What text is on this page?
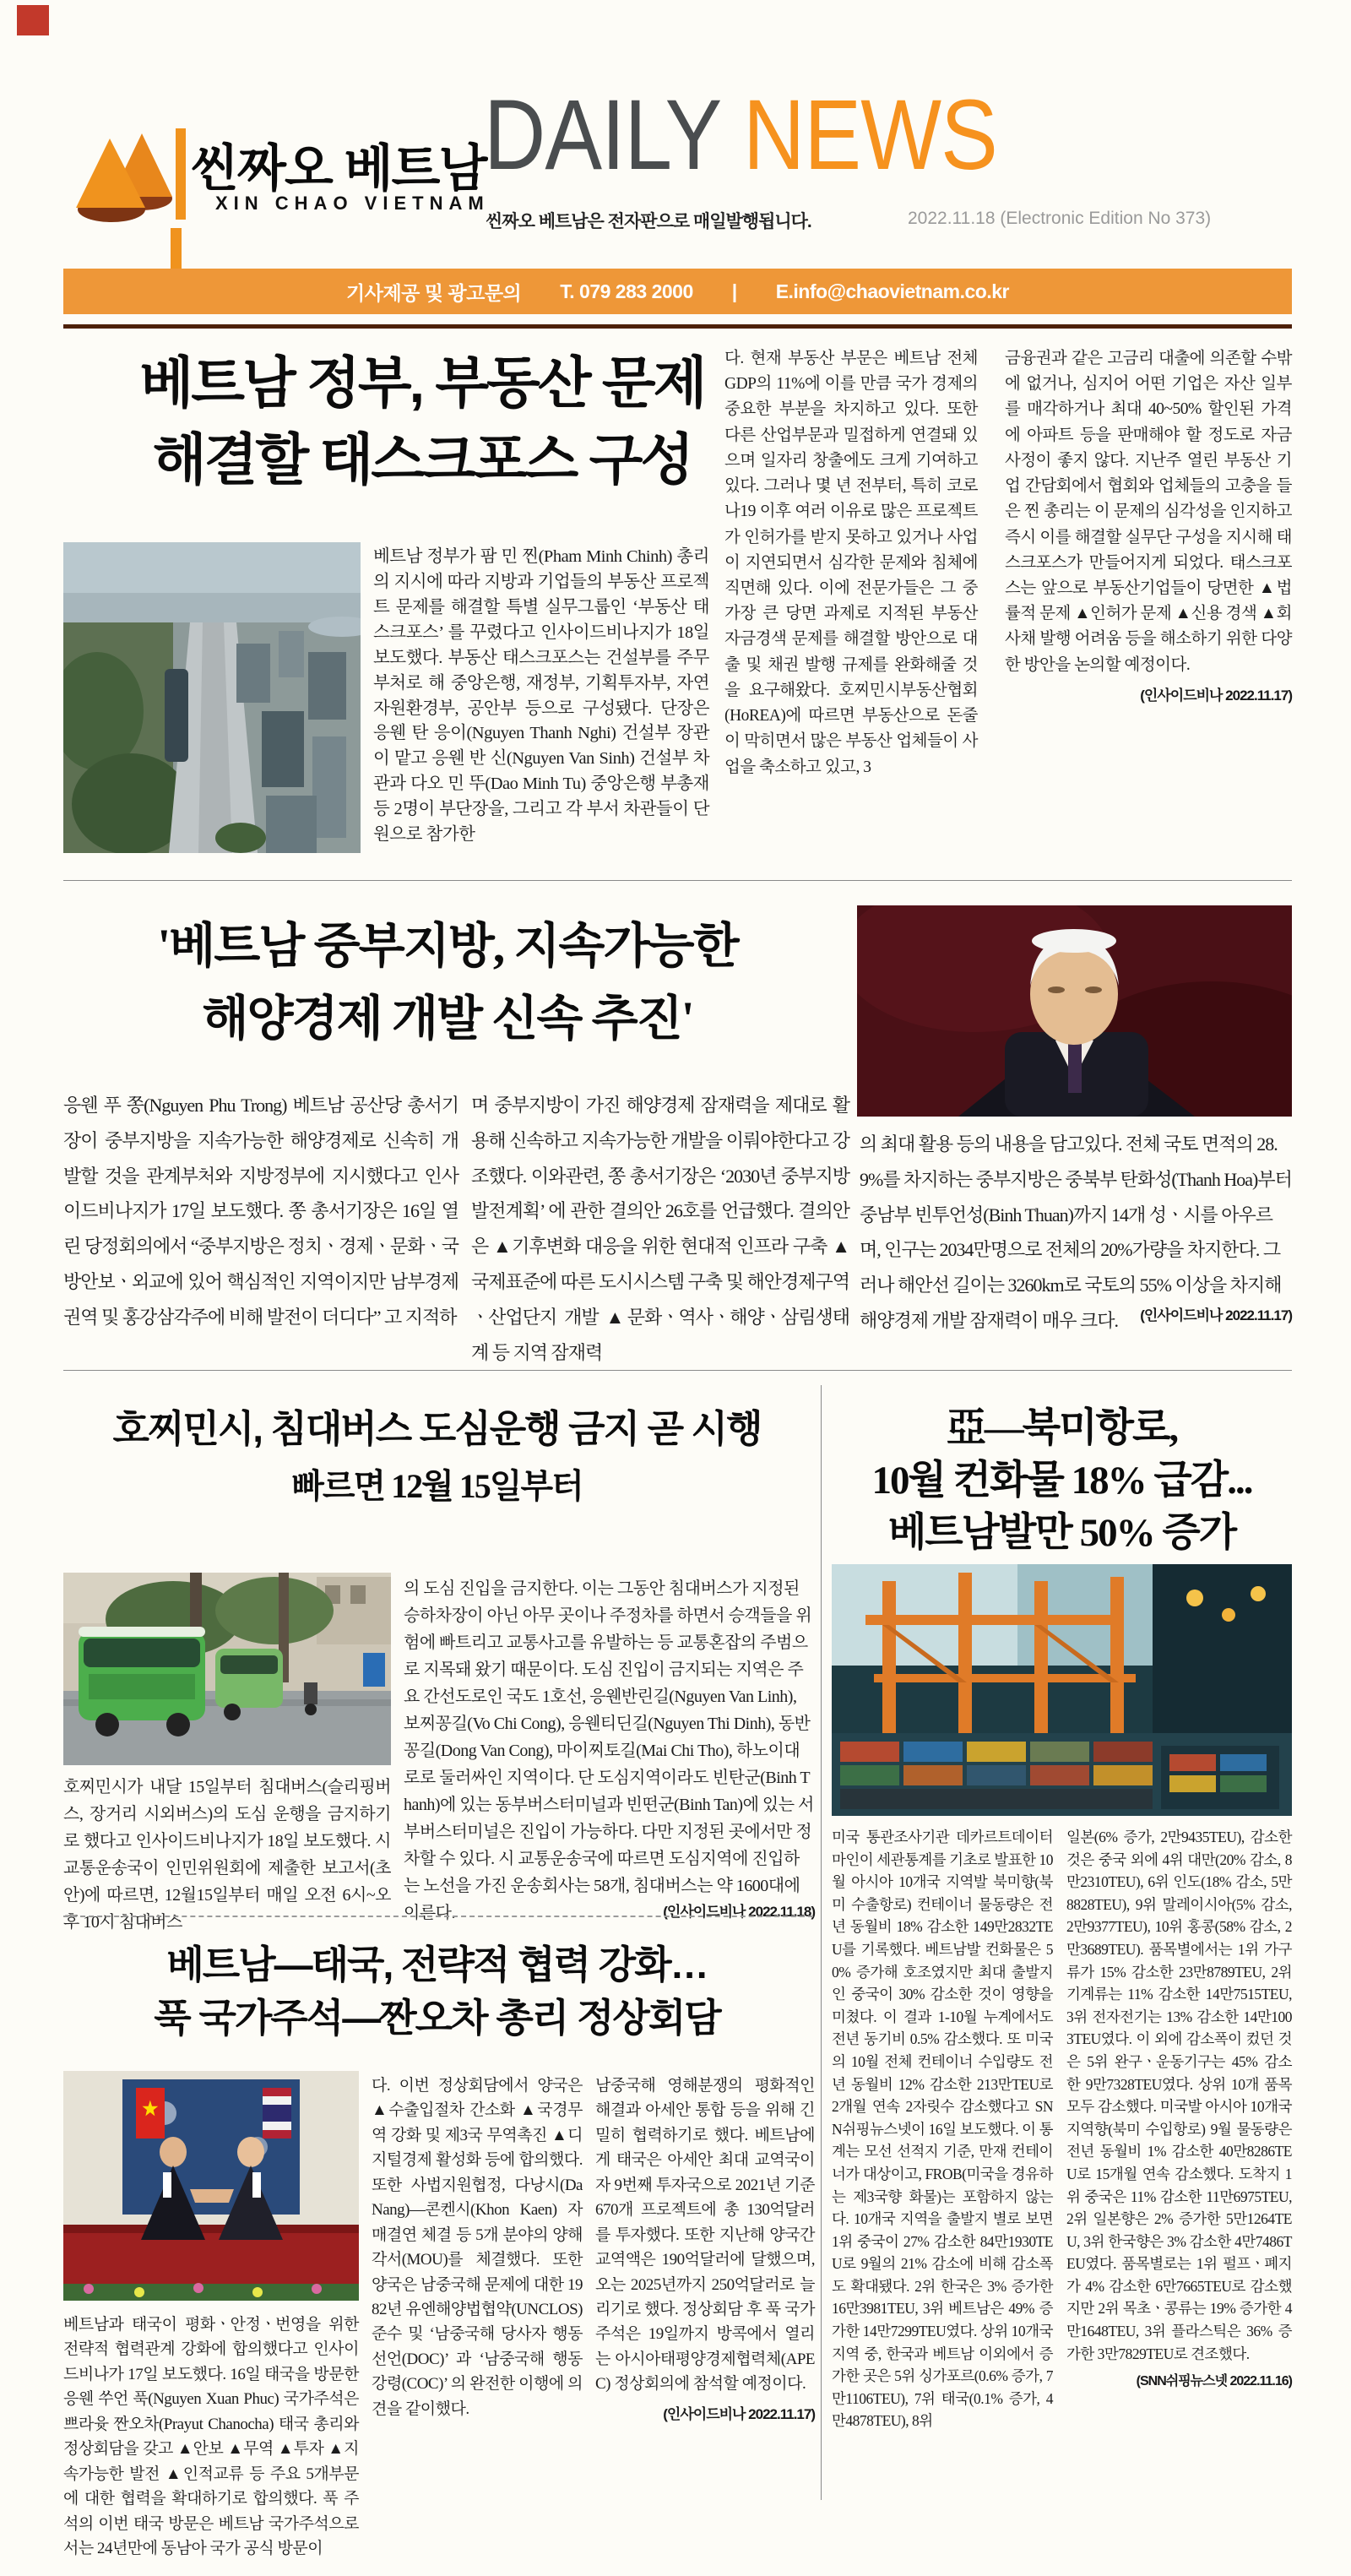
씬짜오 베트남
XIN CHAO VIETNAM
DAILY NEWS
씬짜오 베트남은 전자판으로 매일발행됩니다.	2022.11.18 (Electronic Edition No 373)
기사제공 및 광고문의 T. 079 283 2000 | E.info@chaovietnam.co.kr
베트남 정부, 부동산 문제
해결할 태스크포스 구성
베트남 정부가 팜 민 찐(Pham Minh Chinh) 총리의 지시에 따라 지방과 기업들의 부동산 프로젝트 문제를 해결할 특별 실무그룹인 ‘부동산 태스크포스’ 를 꾸렸다고 인사이드비나지가 18일 보도했다. 부동산 태스크포스는 건설부를 주무부처로 해 중앙은행, 재정부, 기획투자부, 자연자원환경부, 공안부 등으로 구성됐다. 단장은 응웬 탄 응이(Nguyen Thanh Nghi) 건설부 장관이 맡고 응웬 반 신(Nguyen Van Sinh) 건설부 차관과 다오 민 뚜(Dao Minh Tu) 중앙은행 부총재 등 2명이 부단장을, 그리고 각 부서 차관들이 단원으로 참가한
다. 현재 부동산 부문은 베트남 전체 GDP의 11%에 이를 만큼 국가 경제의 중요한 부분을 차지하고 있다. 또한 다른 산업부문과 밀접하게 연결돼 있으며 일자리 창출에도 크게 기여하고 있다. 그러나 몇 년 전부터, 특히 코로나19 이후 여러 이유로 많은 프로젝트가 인허가를 받지 못하고 있거나 사업이 지연되면서 심각한 문제와 침체에 직면해 있다. 이에 전문가들은 그 중 가장 큰 당면 과제로 지적된 부동산 자금경색 문제를 해결할 방안으로 대출 및 채권 발행 규제를 완화해줄 것을 요구해왔다. 호찌민시부동산협회(HoREA)에 따르면 부동산으로 돈줄이 막히면서 많은 부동산 업체들이 사업을 축소하고 있고, 3
금융권과 같은 고금리 대출에 의존할 수밖에 없거나, 심지어 어떤 기업은 자산 일부를 매각하거나 최대 40~50% 할인된 가격에 아파트 등을 판매해야 할 정도로 자금 사정이 좋지 않다. 지난주 열린 부동산 기업 간담회에서 협회와 업체들의 고충을 들은 찐 총리는 이 문제의 심각성을 인지하고 즉시 이를 해결할 실무단 구성을 지시해 태스크포스가 만들어지게 되었다. 태스크포스는 앞으로 부동산기업들이 당면한 ▲법률적 문제 ▲인허가 문제 ▲신용 경색 ▲회사채 발행 어려움 등을 해소하기 위한 다양한 방안을 논의할 예정이다.
(인사이드비나 2022.11.17)
'베트남 중부지방, 지속가능한
해양경제 개발 신속 추진'
응웬 푸 쫑(Nguyen Phu Trong) 베트남 공산당 총서기장이 중부지방을 지속가능한 해양경제로 신속히 개발할 것을 관계부처와 지방정부에 지시했다고 인사이드비나지가 17일 보도했다. 쫑 총서기장은 16일 열린 당정회의에서 “중부지방은 정치ㆍ경제ㆍ문화ㆍ국방안보ㆍ외교에 있어 핵심적인 지역이지만 남부경제권역 및 홍강삼각주에 비해 발전이 더디다” 고 지적하
며 중부지방이 가진 해양경제 잠재력을 제대로 활용해 신속하고 지속가능한 개발을 이뤄야한다고 강조했다. 이와관련, 쫑 총서기장은 ‘2030년 중부지방 발전계획’ 에 관한 결의안 26호를 언급했다. 결의안은 ▲기후변화 대응을 위한 현대적 인프라 구축 ▲국제표준에 따른 도시시스템 구축 및 해안경제구역ㆍ산업단지 개발 ▲문화ㆍ역사ㆍ해양ㆍ삼림생태계 등 지역 잠재력
의 최대 활용 등의 내용을 담고있다. 전체 국토 면적의 28.9%를 차지하는 중부지방은 중북부 탄화성(Thanh Hoa)부터 중남부 빈투언성(Binh Thuan)까지 14개 성ㆍ시를 아우르며, 인구는 2034만명으로 전체의 20%가량을 차지한다. 그러나 해안선 길이는 3260km로 국토의 55% 이상을 차지해 해양경제 개발 잠재력이 매우 크다. (인사이드비나 2022.11.17)
호찌민시, 침대버스 도심운행 금지 곧 시행
빠르면 12월 15일부터
호찌민시가 내달 15일부터 침대버스(슬리핑버스, 장거리 시외버스)의 도심 운행을 금지하기로 했다고 인사이드비나지가 18일 보도했다. 시 교통운송국이 인민위원회에 제출한 보고서(초안)에 따르면, 12월15일부터 매일 오전 6시~오후 10시 침대버스
의 도심 진입을 금지한다. 이는 그동안 침대버스가 지정된 승하차장이 아닌 아무 곳이나 주정차를 하면서 승객들을 위험에 빠트리고 교통사고를 유발하는 등 교통혼잡의 주범으로 지목돼 왔기 때문이다. 도심 진입이 금지되는 지역은 주요 간선도로인 국도 1호선, 응웬반린길(Nguyen Van Linh), 보찌꽁길(Vo Chi Cong), 응웬티딘길(Nguyen Thi Dinh), 동반꽁길(Dong Van Cong), 마이찌토길(Mai Chi Tho), 하노이대로로 둘러싸인 지역이다. 단 도심지역이라도 빈탄군(Binh Thanh)에 있는 동부버스터미널과 빈떤군(Binh Tan)에 있는 서부버스터미널은 진입이 가능하다. 다만 지정된 곳에서만 정차할 수 있다. 시 교통운송국에 따르면 도심지역에 진입하는 노선을 가진 운송회사는 58개, 침대버스는 약 1600대에 이른다.	(인사이드비나 2022.11.18)
亞—북미항로,
10월 컨화물 18% 급감...
베트남발만 50% 증가
미국 통관조사기관 데카르트데이터마인이 세관통계를 기초로 발표한 10월 아시아 10개국 지역발 북미향(북미 수출항로) 컨테이너 물동량은 전년 동월비 18% 감소한 149만2832TEU를 기록했다. 베트남발 컨화물은 50% 증가해 호조였지만 최대 출발지인 중국이 30% 감소한 것이 영향을 미쳤다. 이 결과 1-10월 누계에서도 전년 동기비 0.5% 감소했다. 또 미국의 10월 전체 컨테이너 수입량도 전년 동월비 12% 감소한 213만TEU로 2개월 연속 2자릿수 감소했다고 SNN쉬핑뉴스넷이 16일 보도했다. 이 통계는 모선 선적지 기준, 만재 컨테이너가 대상이고, FROB(미국을 경유하는 제3국향 화물)는 포함하지 않는다. 10개국 지역을 출발지 별로 보면 1위 중국이 27% 감소한 84만1930TEU로 9월의 21% 감소에 비해 감소폭도 확대됐다. 2위 한국은 3% 증가한 16만3981TEU, 3위 베트남은 49% 증가한 14만7299TEU였다. 상위 10개국 지역 중, 한국과 베트남 이외에서 증가한 곳은 5위 싱가포르(0.6% 증가, 7만1106TEU), 7위 태국(0.1% 증가, 4만4878TEU), 8위
일본(6% 증가, 2만9435TEU), 감소한 것은 중국 외에 4위 대만(20% 감소, 8만2310TEU), 6위 인도(18% 감소, 5만8828TEU), 9위 말레이시아(5% 감소, 2만9377TEU), 10위 홍콩(58% 감소, 2만3689TEU). 품목별에서는 1위 가구류가 15% 감소한 23만8789TEU, 2위 기계류는 11% 감소한 14만7515TEU, 3위 전자전기는 13% 감소한 14만1003TEU였다. 이 외에 감소폭이 컸던 것은 5위 완구ㆍ운동기구는 45% 감소한 9만7328TEU였다. 상위 10개 품목 모두 감소했다. 미국발 아시아 10개국 지역향(북미 수입항로) 9월 물동량은 전년 동월비 1% 감소한 40만8286TEU로 15개월 연속 감소했다. 도착지 1위 중국은 11% 감소한 11만6975TEU, 2위 일본향은 2% 증가한 5만1264TEU, 3위 한국향은 3% 감소한 4만7486TEU였다. 품목별로는 1위 펄프ㆍ폐지가 4% 감소한 6만7665TEU로 감소했지만 2위 목초ㆍ콩류는 19% 증가한 4만1648TEU, 3위 플라스틱은 36% 증가한 3만7829TEU로 견조했다.
(SNN쉬핑뉴스넷 2022.11.16)
베트남—태국, 전략적 협력 강화…
푹 국가주석—짠오차 총리 정상회담
베트남과 태국이 평화ㆍ안정ㆍ번영을 위한 전략적 협력관계 강화에 합의했다고 인사이드비나가 17일 보도했다. 16일 태국을 방문한 응웬 쑤언 푹(Nguyen Xuan Phuc) 국가주석은 쁘라윳 짠오차(Prayut Chanocha) 태국 총리와 정상회담을 갖고 ▲안보 ▲무역 ▲투자 ▲지속가능한 발전 ▲인적교류 등 주요 5개부문에 대한 협력을 확대하기로 합의했다. 푹 주석의 이번 태국 방문은 베트남 국가주석으로서는 24년만에 동남아 국가 공식 방문이
다. 이번 정상회담에서 양국은 ▲수출입절차 간소화 ▲국경무역 강화 및 제3국 무역촉진 ▲디지털경제 활성화 등에 합의했다. 또한 사법지원협정, 다낭시(Da Nang)—콘켄시(Khon Kaen) 자매결연 체결 등 5개 분야의 양해각서(MOU)를 체결했다. 또한 양국은 남중국해 문제에 대한 1982년 유엔해양법협약(UNCLOS) 준수 및 ‘남중국해 당사자 행동선언(DOC)’ 과 ‘남중국해 행동강령(COC)’ 의 완전한 이행에 의견을 같이했다.
남중국해 영해분쟁의 평화적인 해결과 아세안 통합 등을 위해 긴밀히 협력하기로 했다. 베트남에게 태국은 아세안 최대 교역국이자 9번째 투자국으로 2021년 기준 670개 프로젝트에 총 130억달러를 투자했다. 또한 지난해 양국간 교역액은 190억달러에 달했으며, 오는 2025년까지 250억달러로 늘리기로 했다. 정상회담 후 푹 국가주석은 19일까지 방콕에서 열리는 아시아태평양경제협력체(APEC) 정상회의에 참석할 예정이다.
(인사이드비나 2022.11.17)
